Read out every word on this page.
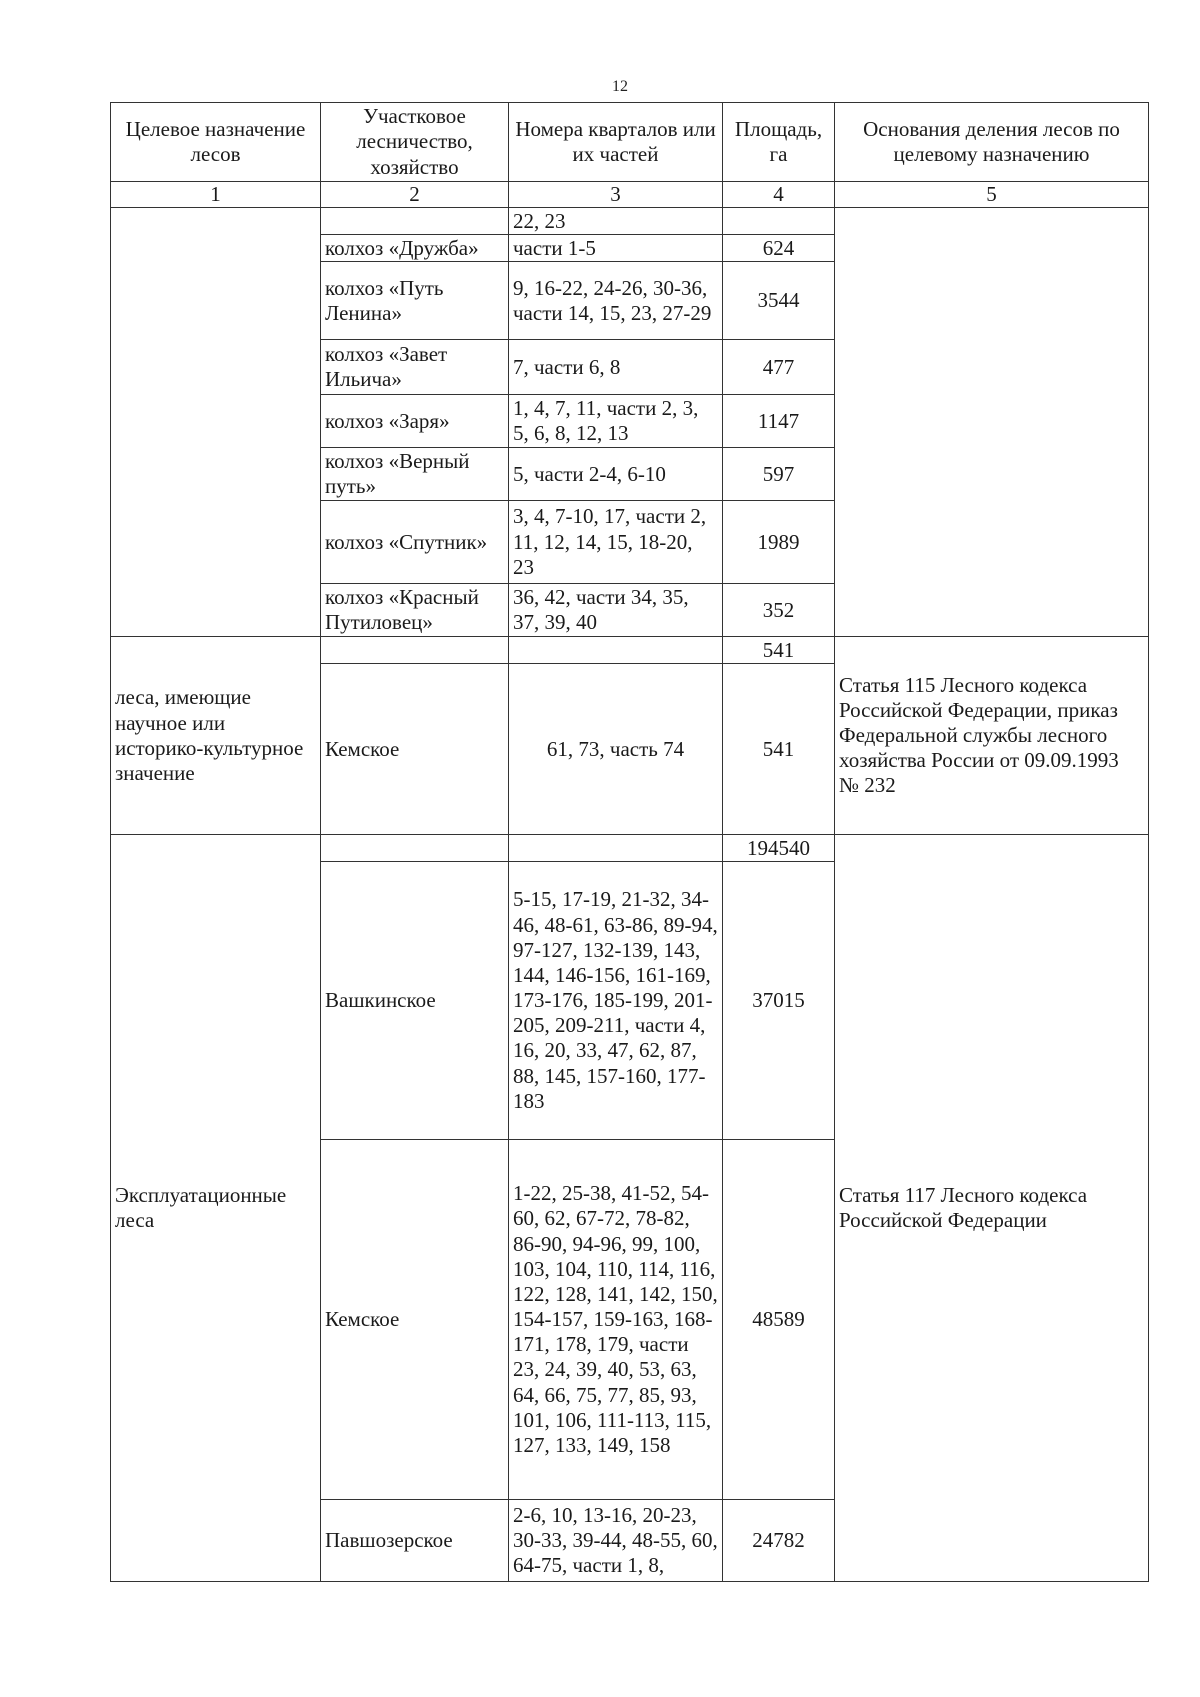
12
Целевое назначение лесов	Участковое лесничество, хозяйство	Номера кварталов или их частей	Площадь, га	Основания деления лесов по целевому назначению
1	2	3	4	5
		22, 23		
	колхоз «Дружба»	части 1-5	624	
	колхоз «Путь Ленина»	9, 16-22, 24-26, 30-36, части 14, 15, 23, 27-29	3544	
	колхоз «Завет Ильича»	7, части 6, 8	477	
	колхоз «Заря»	1, 4, 7, 11, части 2, 3, 5, 6, 8, 12, 13	1147	
	колхоз «Верный путь»	5, части 2-4, 6-10	597	
	колхоз «Спутник»	3, 4, 7-10, 17, части 2, 11, 12, 14, 15, 18-20, 23	1989	
	колхоз «Красный Путиловец»	36, 42, части 34, 35, 37, 39, 40	352	
леса, имеющие научное или историко-культурное значение			541	Статья 115 Лесного кодекса Российской Федерации, приказ Федеральной службы лесного хозяйства России от 09.09.1993 № 232
	Кемское	61, 73, часть 74	541	
Эксплуатационные леса			194540	Статья 117 Лесного кодекса Российской Федерации
	Вашкинское	5-15, 17-19, 21-32, 34-46, 48-61, 63-86, 89-94, 97-127, 132-139, 143, 144, 146-156, 161-169, 173-176, 185-199, 201-205, 209-211, части 4, 16, 20, 33, 47, 62, 87, 88, 145, 157-160, 177-183	37015	
	Кемское	1-22, 25-38, 41-52, 54-60, 62, 67-72, 78-82, 86-90, 94-96, 99, 100, 103, 104, 110, 114, 116, 122, 128, 141, 142, 150, 154-157, 159-163, 168-171, 178, 179, части 23, 24, 39, 40, 53, 63, 64, 66, 75, 77, 85, 93, 101, 106, 111-113, 115, 127, 133, 149, 158	48589	
	Павшозерское	2-6, 10, 13-16, 20-23, 30-33, 39-44, 48-55, 60, 64-75, части 1, 8,	24782	
